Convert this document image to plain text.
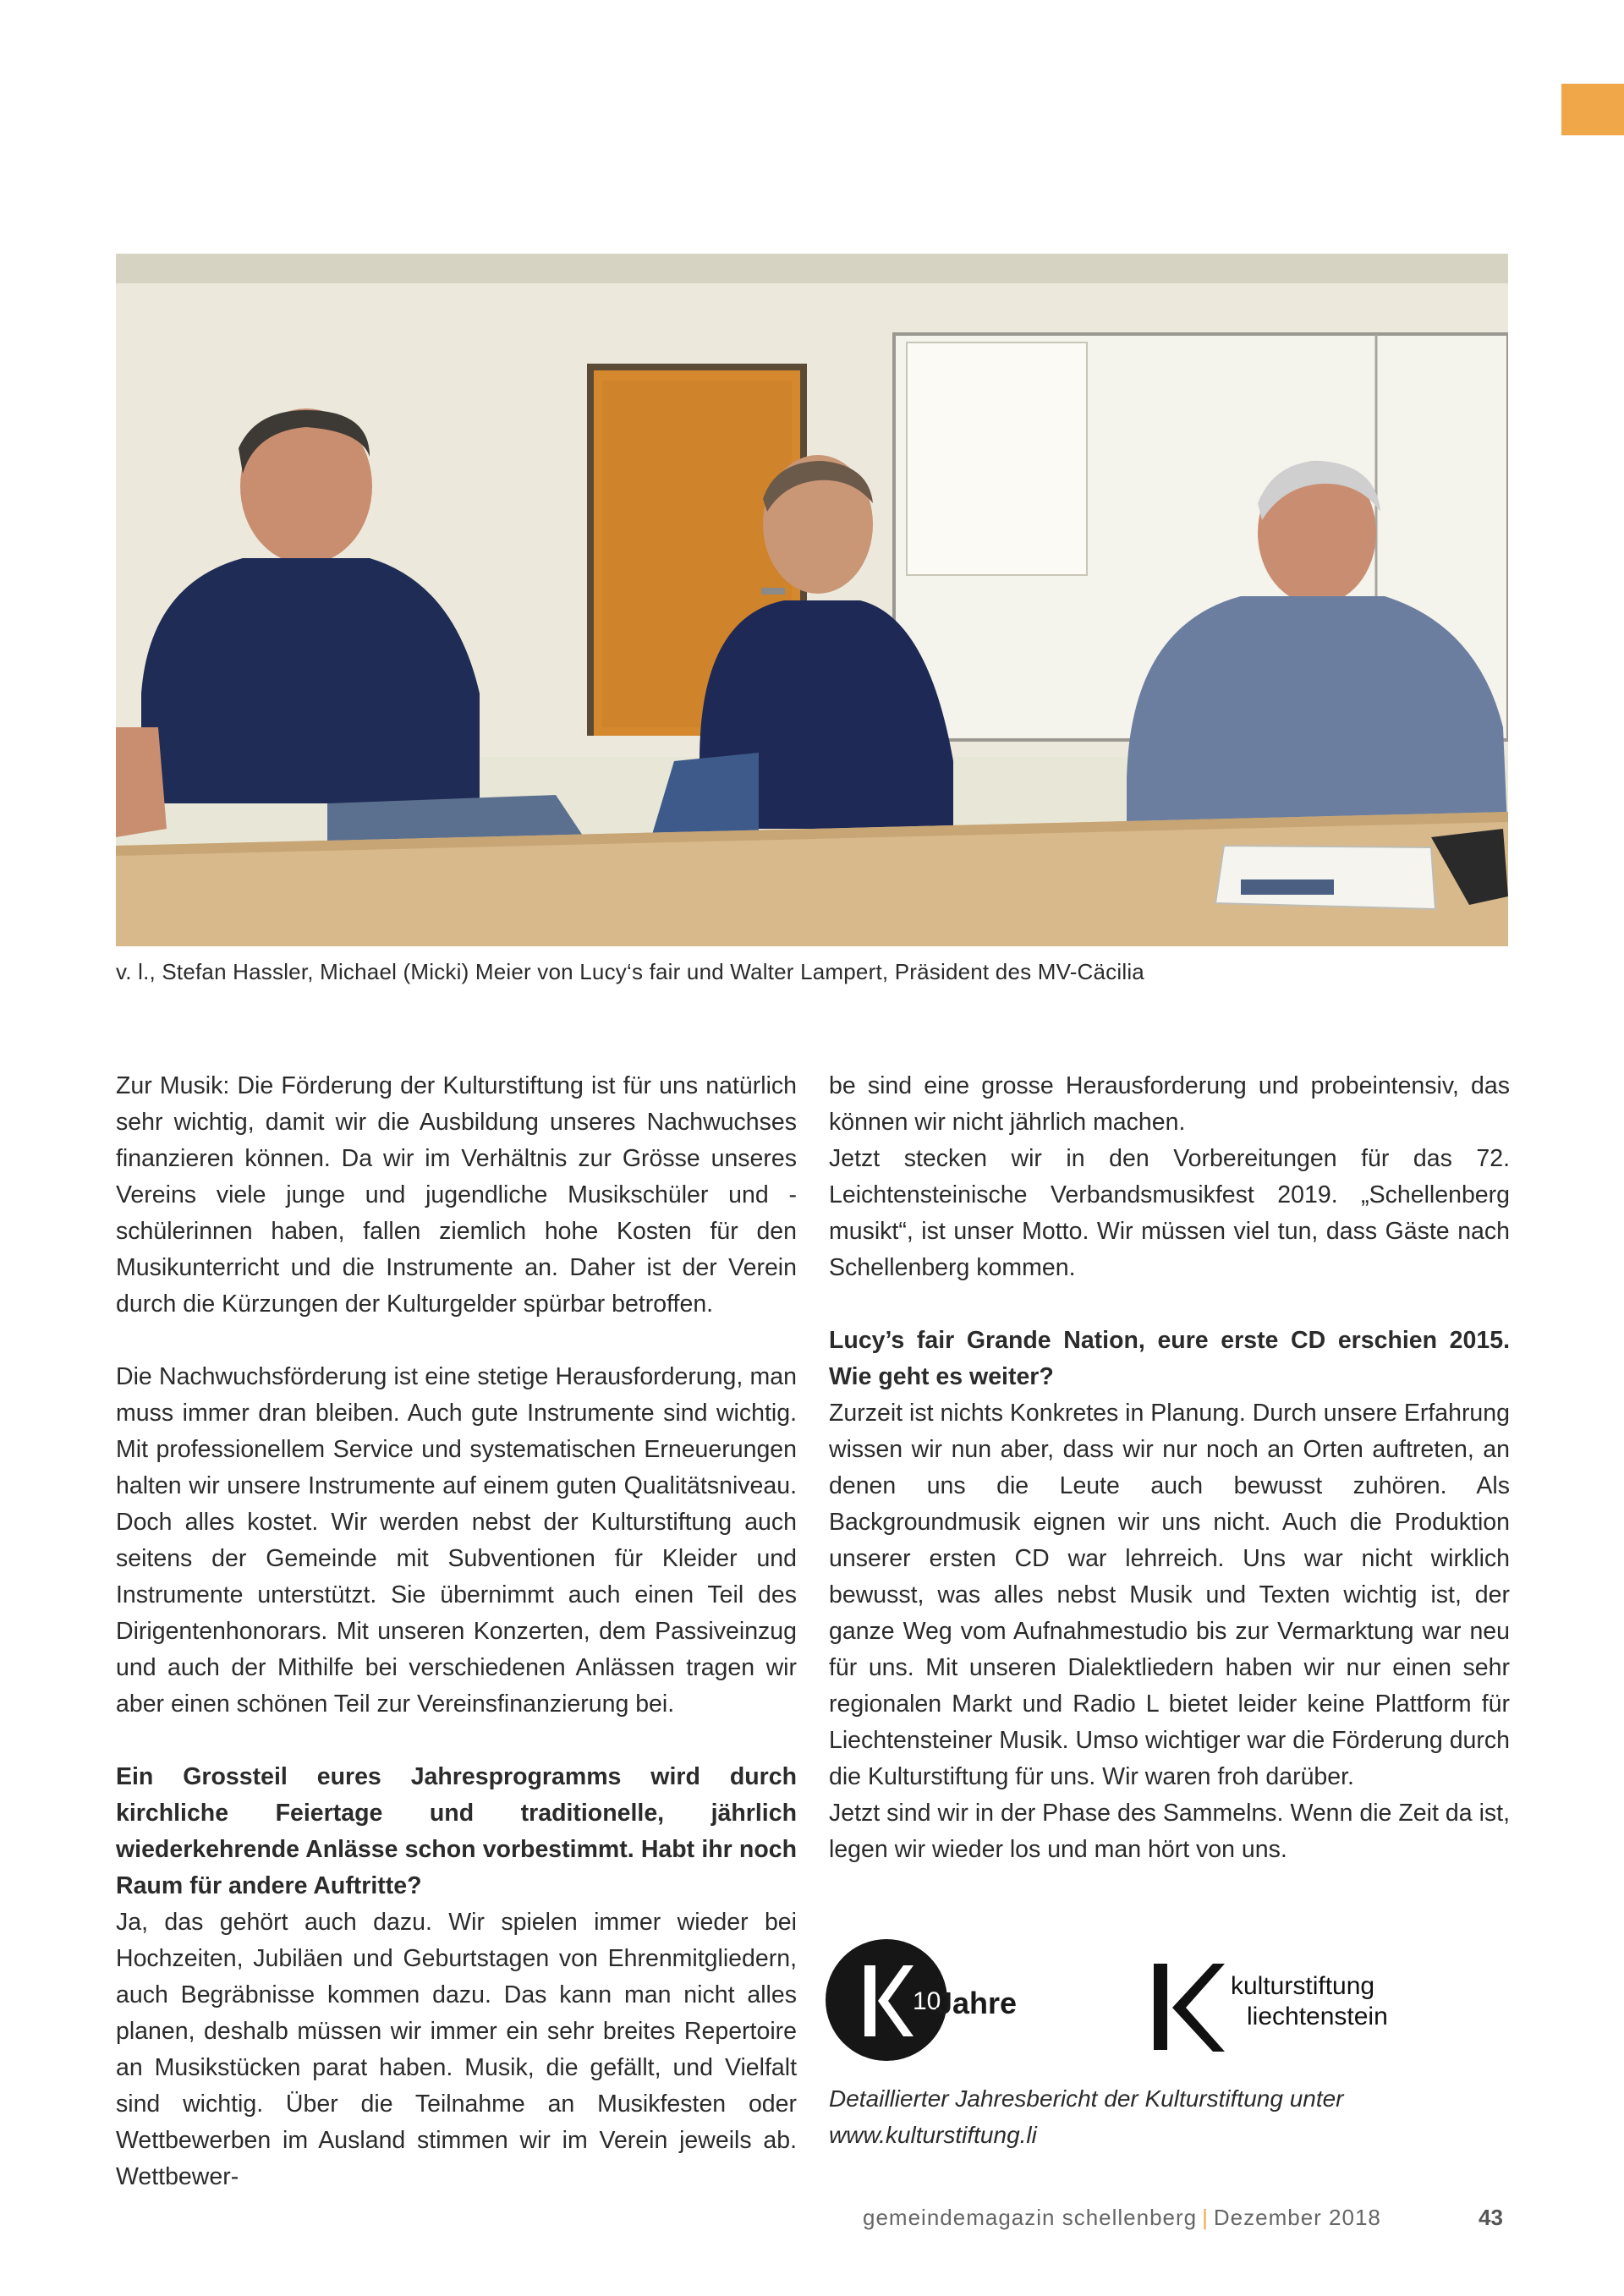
v. l., Stefan Hassler, Michael (Micki) Meier von Lucy‘s fair und Walter Lampert, Präsident des MV-Cäcilia

Zur Musik: Die Förderung der Kulturstiftung ist für uns natürlich sehr wichtig, damit wir die Ausbildung unseres Nachwuchses finanzieren können. Da wir im Verhältnis zur Grösse unseres Vereins viele junge und jugendliche Musikschüler und -schülerinnen haben, fallen ziemlich hohe Kosten für den Musikunterricht und die Instrumente an. Daher ist der Verein durch die Kürzungen der Kulturgelder spürbar betroffen.

Die Nachwuchsförderung ist eine stetige Herausforderung, man muss immer dran bleiben. Auch gute Instrumente sind wichtig. Mit professionellem Service und systematischen Erneuerungen halten wir unsere Instrumente auf einem guten Qualitätsniveau. Doch alles kostet. Wir werden nebst der Kulturstiftung auch seitens der Gemeinde mit Subventionen für Kleider und Instrumente unterstützt. Sie übernimmt auch einen Teil des Dirigentenhonorars. Mit unseren Konzerten, dem Passiveinzug und auch der Mithilfe bei verschiedenen Anlässen tragen wir aber einen schönen Teil zur Vereinsfinanzierung bei.

Ein Grossteil eures Jahresprogramms wird durch kirchliche Feiertage und traditionelle, jährlich wiederkehrende Anlässe schon vorbestimmt. Habt ihr noch Raum für andere Auftritte?

Ja, das gehört auch dazu. Wir spielen immer wieder bei Hochzeiten, Jubiläen und Geburtstagen von Ehrenmitgliedern, auch Begräbnisse kommen dazu. Das kann man nicht alles planen, deshalb müssen wir immer ein sehr breites Repertoire an Musikstücken parat haben. Musik, die gefällt, und Vielfalt sind wichtig. Über die Teilnahme an Musikfesten oder Wettbewerben im Ausland stimmen wir im Verein jeweils ab. Wettbewer-

be sind eine grosse Herausforderung und probeintensiv, das können wir nicht jährlich machen.

Jetzt stecken wir in den Vorbereitungen für das 72. Leichtensteinische Verbandsmusikfest 2019. „Schellenberg musikt“, ist unser Motto. Wir müssen viel tun, dass Gäste nach Schellenberg kommen.

Lucy’s fair Grande Nation, eure erste CD erschien 2015. Wie geht es weiter?

Zurzeit ist nichts Konkretes in Planung. Durch unsere Erfahrung wissen wir nun aber, dass wir nur noch an Orten auftreten, an denen uns die Leute auch bewusst zuhören. Als Backgroundmusik eignen wir uns nicht. Auch die Produktion unserer ersten CD war lehrreich. Uns war nicht wirklich bewusst, was alles nebst Musik und Texten wichtig ist, der ganze Weg vom Aufnahmestudio bis zur Vermarktung war neu für uns. Mit unseren Dialektliedern haben wir nur einen sehr regionalen Markt und Radio L bietet leider keine Plattform für Liechtensteiner Musik. Umso wichtiger war die Förderung durch die Kulturstiftung für uns. Wir waren froh darüber.

Jetzt sind wir in der Phase des Sammelns. Wenn die Zeit da ist, legen wir wieder los und man hört von uns.

10
Jahre	kulturstiftung
liechtenstein
Detaillierter Jahresbericht der Kulturstiftung unter
www.kulturstiftung.li
gemeindemagazin schellenberg | Dezember 2018	43
